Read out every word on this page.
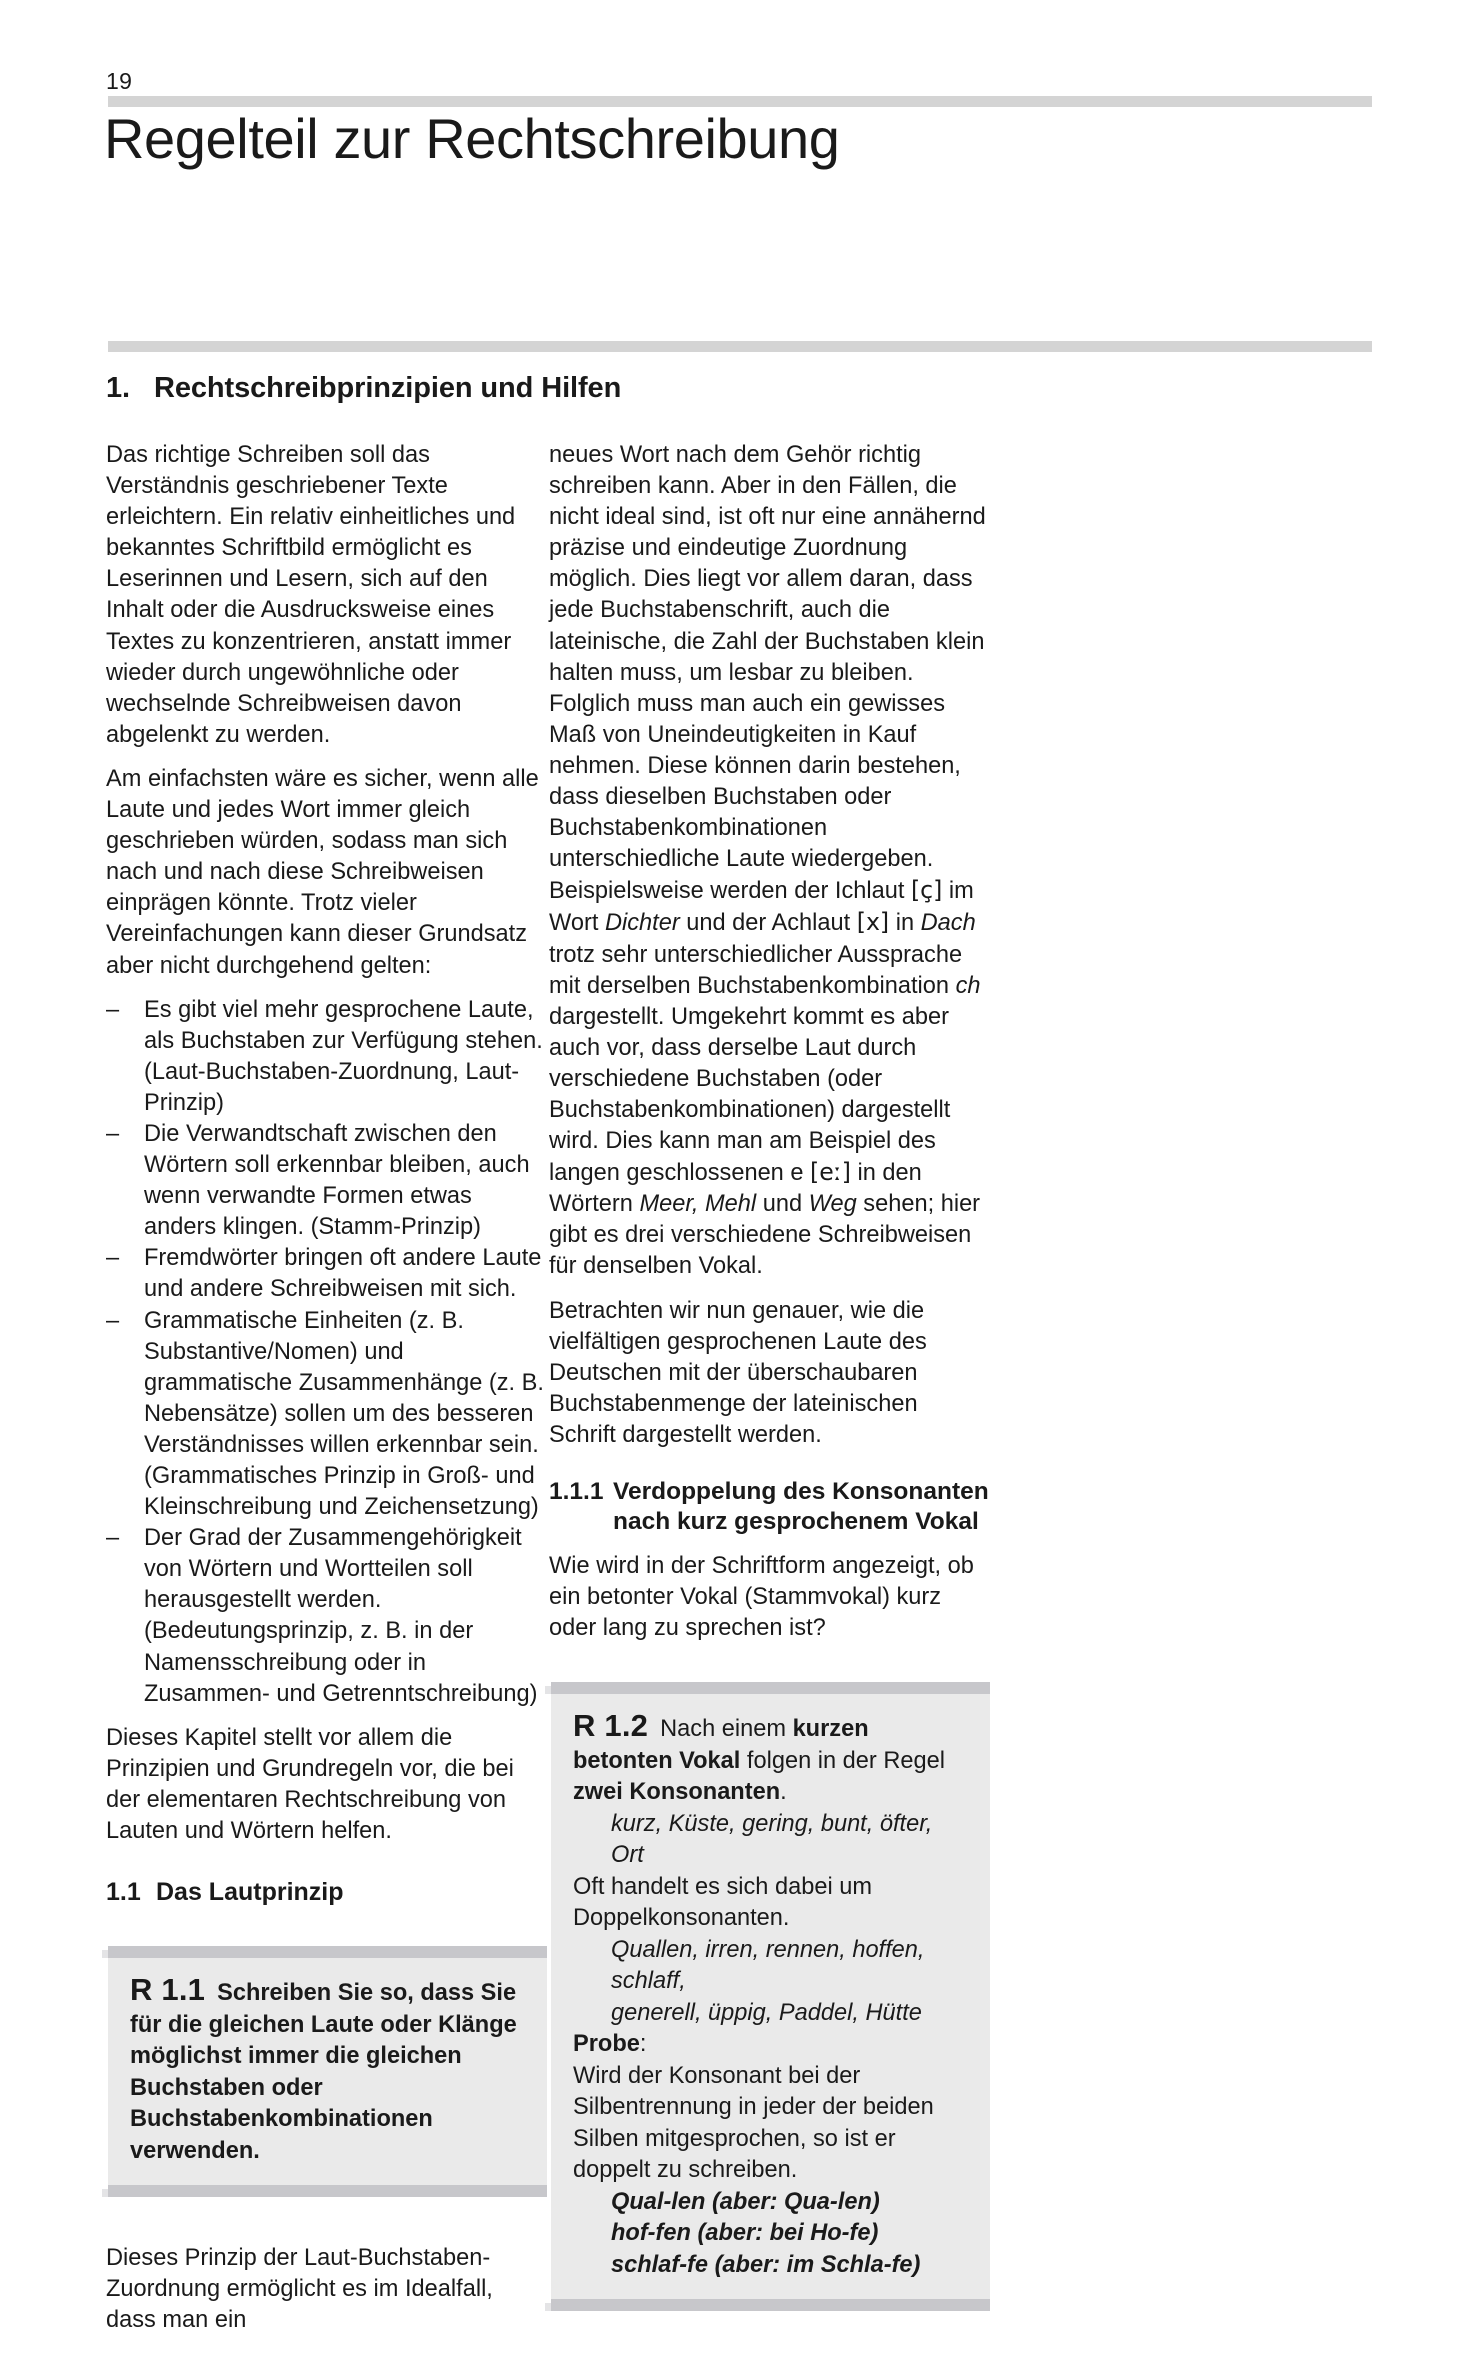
19
Regelteil zur Rechtschreibung
1. Rechtschreibprinzipien und Hilfen

Das richtige Schreiben soll das Verständnis geschriebener Texte erleichtern. Ein relativ einheitliches und bekanntes Schriftbild ermöglicht es Leserinnen und Lesern, sich auf den Inhalt oder die Ausdrucksweise eines Textes zu konzentrieren, anstatt immer wieder durch ungewöhnliche oder wechselnde Schreibweisen davon abgelenkt zu werden.

Am einfachsten wäre es sicher, wenn alle Laute und jedes Wort immer gleich geschrieben würden, sodass man sich nach und nach diese Schreibweisen einprägen könnte. Trotz vieler Vereinfachungen kann dieser Grundsatz aber nicht durchgehend gelten:

–	Es gibt viel mehr gesprochene Laute, als Buchstaben zur Verfügung stehen. (Laut-Buchstaben-Zuordnung, Laut-Prinzip)
–	Die Verwandtschaft zwischen den Wörtern soll erkennbar bleiben, auch wenn verwandte Formen etwas anders klingen. (Stamm-Prinzip)
–	Fremdwörter bringen oft andere Laute und andere Schreibweisen mit sich.
–	Grammatische Einheiten (z. B. Substantive/Nomen) und grammatische Zusammenhänge (z. B. Nebensätze) sollen um des besseren Verständnisses willen erkennbar sein. (Grammatisches Prinzip in Groß- und Kleinschreibung und Zeichensetzung)
–	Der Grad der Zusammengehörigkeit von Wörtern und Wortteilen soll herausgestellt werden. (Bedeutungsprinzip, z. B. in der Namensschreibung oder in Zusammen- und Getrenntschreibung)

Dieses Kapitel stellt vor allem die Prinzipien und Grundregeln vor, die bei der elementaren Rechtschreibung von Lauten und Wörtern helfen.

1.1 Das Lautprinzip
R 1.1 Schreiben Sie so, dass Sie für die gleichen Laute oder Klänge möglichst immer die gleichen Buchstaben oder Buchstabenkombinationen verwenden.

Dieses Prinzip der Laut-Buchstaben-Zuordnung ermöglicht es im Idealfall, dass man ein

neues Wort nach dem Gehör richtig schreiben kann. Aber in den Fällen, die nicht ideal sind, ist oft nur eine annähernd präzise und eindeutige Zuordnung möglich. Dies liegt vor allem daran, dass jede Buchstabenschrift, auch die lateinische, die Zahl der Buchstaben klein halten muss, um lesbar zu bleiben. Folglich muss man auch ein gewisses Maß von Uneindeutigkeiten in Kauf nehmen. Diese können darin bestehen, dass dieselben Buchstaben oder Buchstabenkombinationen unterschiedliche Laute wiedergeben. Beispielsweise werden der Ichlaut [ç] im Wort Dichter und der Achlaut [x] in Dach trotz sehr unterschiedlicher Aussprache mit derselben Buchstabenkombination ch dargestellt. Umgekehrt kommt es aber auch vor, dass derselbe Laut durch verschiedene Buchstaben (oder Buchstabenkombinationen) dargestellt wird. Dies kann man am Beispiel des langen geschlossenen e [eː] in den Wörtern Meer, Mehl und Weg sehen; hier gibt es drei verschiedene Schreibweisen für denselben Vokal.

Betrachten wir nun genauer, wie die vielfältigen gesprochenen Laute des Deutschen mit der überschaubaren Buchstabenmenge der lateinischen Schrift dargestellt werden.

1.1.1 Verdoppelung des Konsonanten
nach kurz gesprochenem Vokal

Wie wird in der Schriftform angezeigt, ob ein betonter Vokal (Stammvokal) kurz oder lang zu sprechen ist?

R 1.2 Nach einem kurzen betonten Vokal folgen in der Regel zwei Konsonanten.
kurz, Küste, gering, bunt, öfter, Ort
Oft handelt es sich dabei um Doppelkonsonanten.
Quallen, irren, rennen, hoffen, schlaff,
generell, üppig, Paddel, Hütte
Probe:
Wird der Konsonant bei der Silbentrennung in jeder der beiden Silben mitgesprochen, so ist er doppelt zu schreiben.
Qual-len (aber: Qua-len)
hof-fen (aber: bei Ho-fe)
schlaf-fe (aber: im Schla-fe)
